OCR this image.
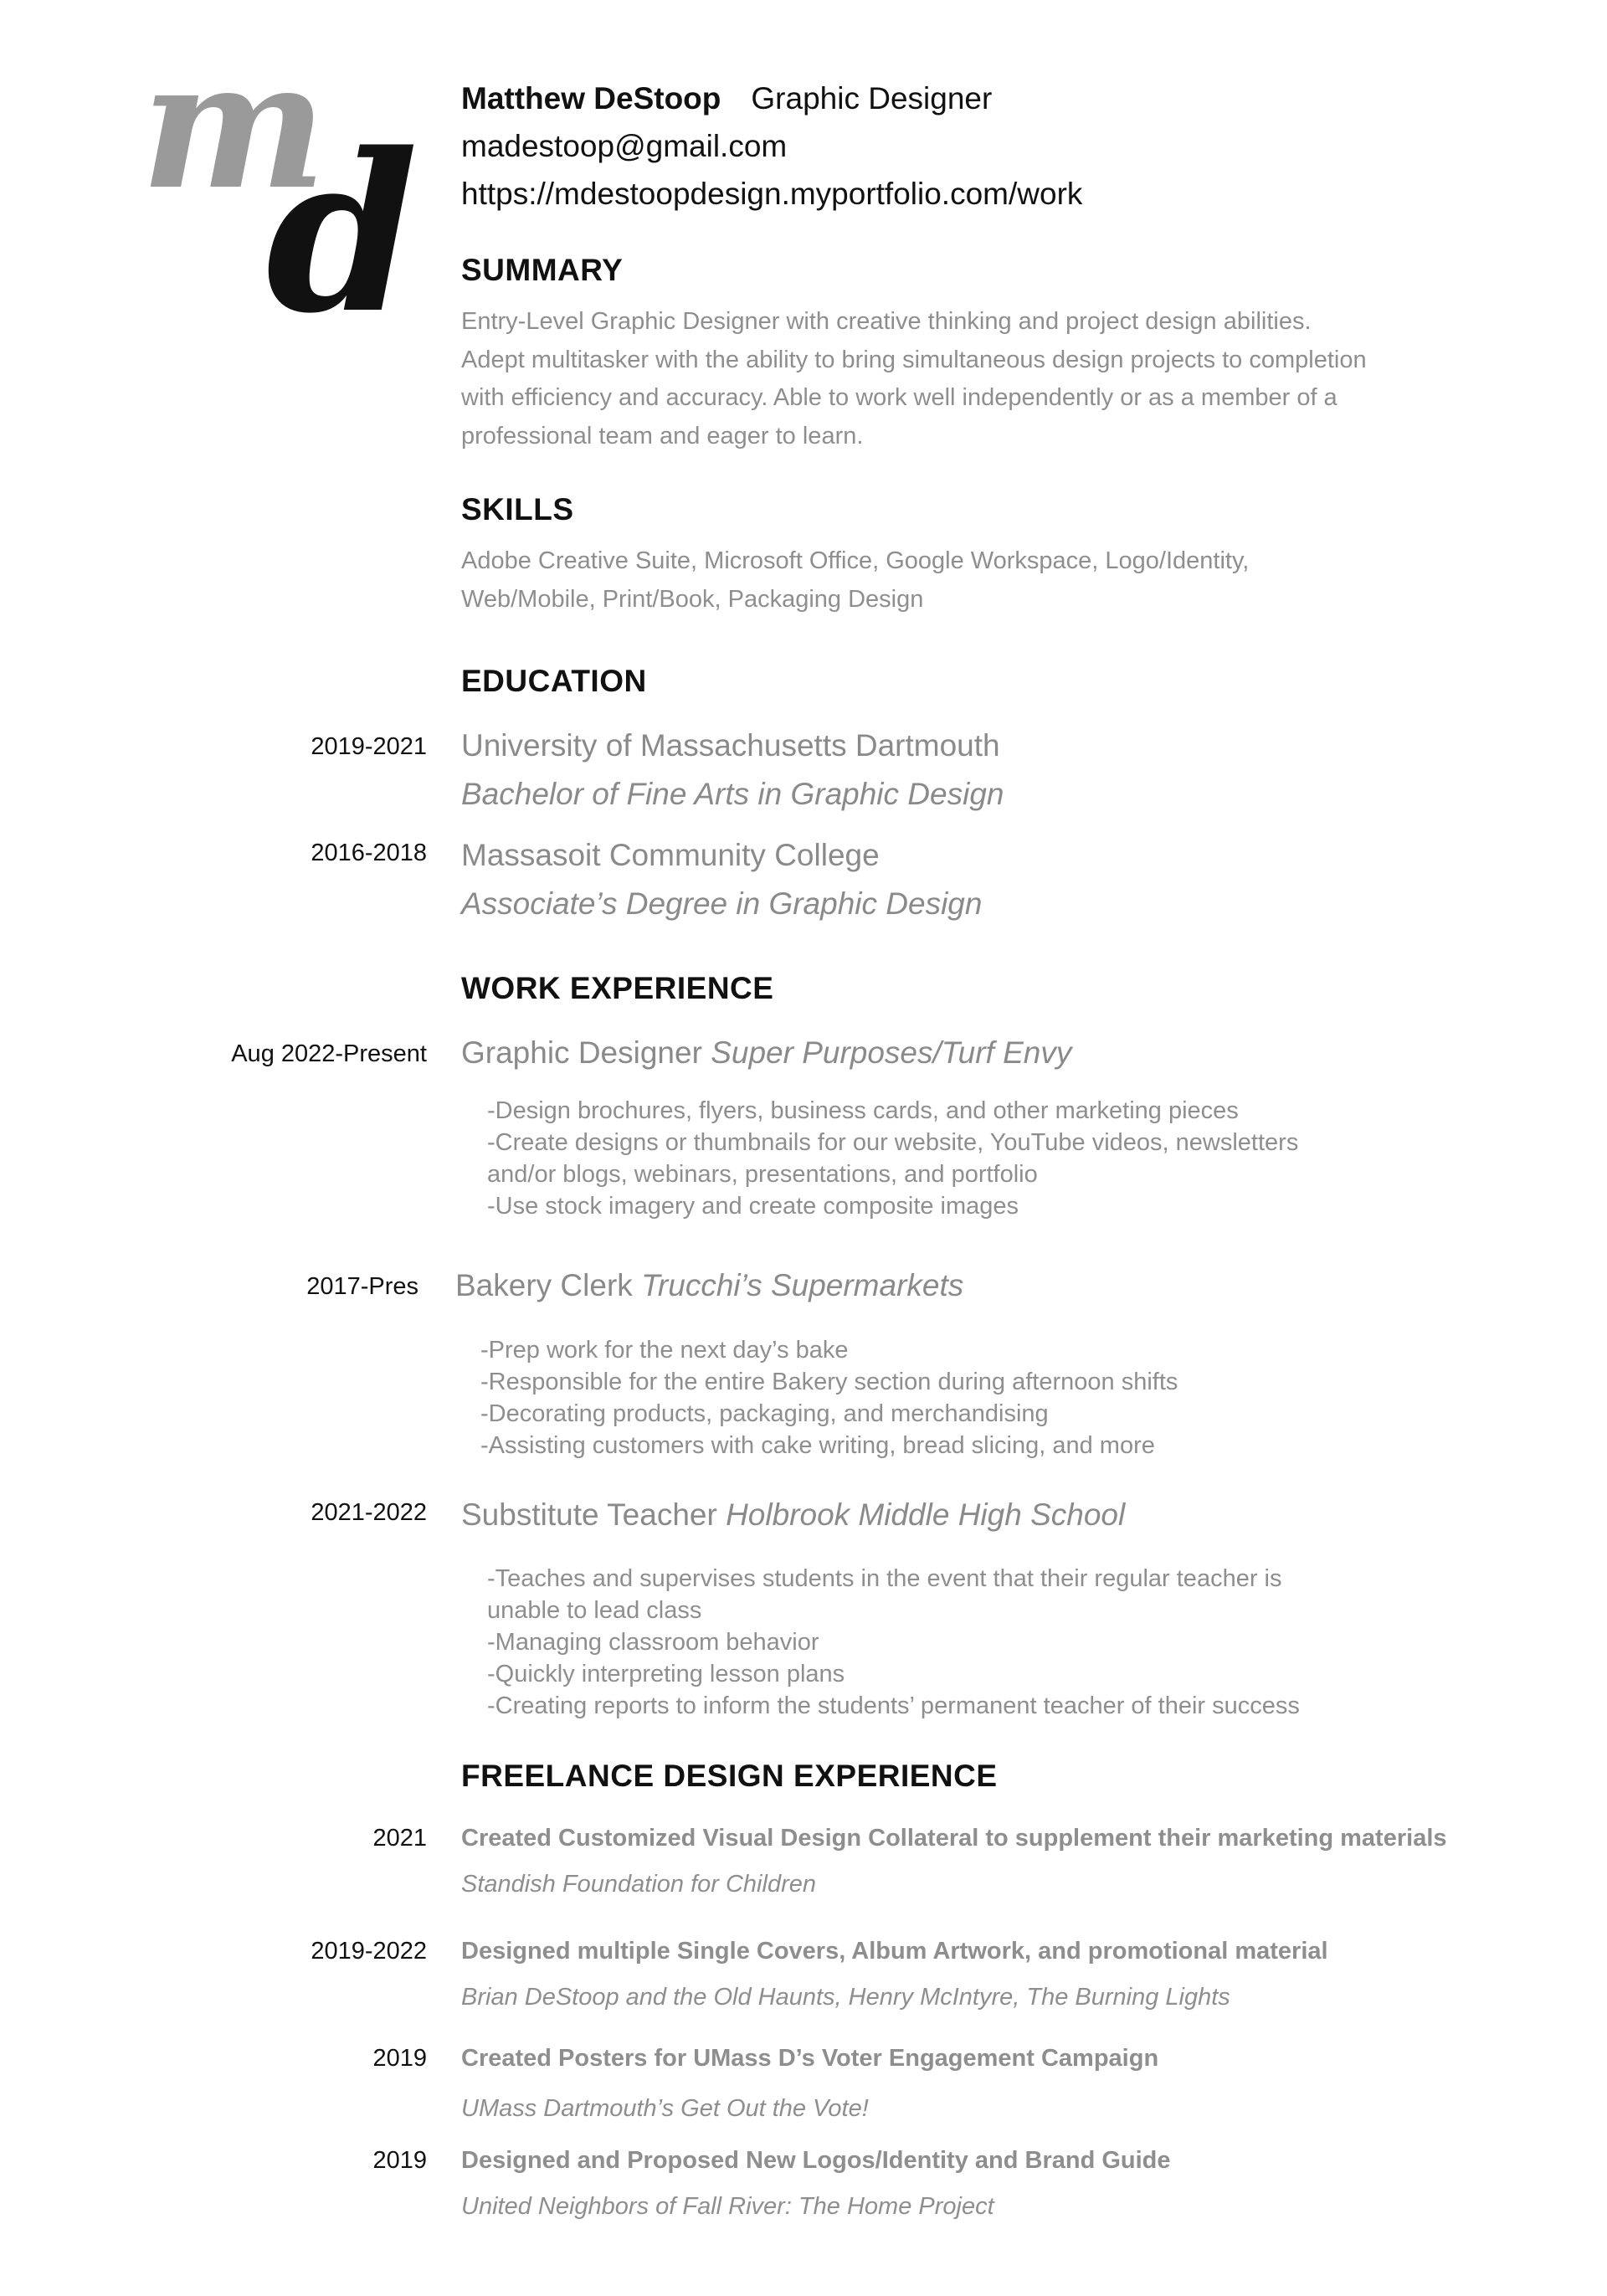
m
d
Matthew DeStoop Graphic Designer
madestoop@gmail.com
https://mdestoopdesign.myportfolio.com/work
SUMMARY
Entry-Level Graphic Designer with creative thinking and project design abilities.
Adept multitasker with the ability to bring simultaneous design projects to completion
with efficiency and accuracy. Able to work well independently or as a member of a
professional team and eager to learn.
SKILLS
Adobe Creative Suite, Microsoft Office, Google Workspace, Logo/Identity,
Web/Mobile, Print/Book, Packaging Design
EDUCATION
2019-2021 University of Massachusetts Dartmouth
Bachelor of Fine Arts in Graphic Design
2016-2018 Massasoit Community College
Associate’s Degree in Graphic Design
WORK EXPERIENCE
Aug 2022-Present Graphic Designer Super Purposes/Turf Envy
-Design brochures, flyers, business cards, and other marketing pieces
-Create designs or thumbnails for our website, YouTube videos, newsletters
and/or blogs, webinars, presentations, and portfolio
-Use stock imagery and create composite images
2017-Pres Bakery Clerk Trucchi’s Supermarkets
-Prep work for the next day’s bake
-Responsible for the entire Bakery section during afternoon shifts
-Decorating products, packaging, and merchandising
-Assisting customers with cake writing, bread slicing, and more
2021-2022 Substitute Teacher Holbrook Middle High School
-Teaches and supervises students in the event that their regular teacher is
unable to lead class
-Managing classroom behavior
-Quickly interpreting lesson plans
-Creating reports to inform the students’ permanent teacher of their success
FREELANCE DESIGN EXPERIENCE
2021 Created Customized Visual Design Collateral to supplement their marketing materials
Standish Foundation for Children
2019-2022 Designed multiple Single Covers, Album Artwork, and promotional material
Brian DeStoop and the Old Haunts, Henry McIntyre, The Burning Lights
2019 Created Posters for UMass D’s Voter Engagement Campaign
UMass Dartmouth’s Get Out the Vote!
2019 Designed and Proposed New Logos/Identity and Brand Guide
United Neighbors of Fall River: The Home Project
